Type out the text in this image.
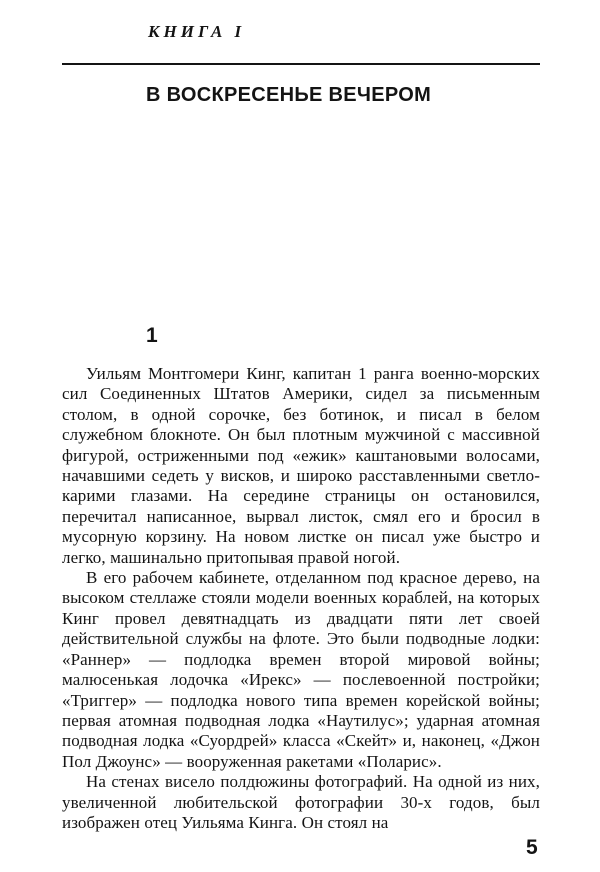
КНИГА I
В ВОСКРЕСЕНЬЕ ВЕЧЕРОМ
1

Уильям Монтгомери Кинг, капитан 1 ранга военно-морских сил Соединенных Штатов Америки, сидел за письменным столом, в одной сорочке, без ботинок, и писал в белом служебном блокноте. Он был плотным мужчиной с массивной фигурой, остриженными под «ежик» каштановыми волосами, начавшими седеть у висков, и широко расставленными светло-карими глазами. На середине страницы он остановился, перечитал написанное, вырвал листок, смял его и бросил в мусорную корзину. На новом листке он писал уже быстро и легко, машинально притопывая правой ногой.

В его рабочем кабинете, отделанном под красное дерево, на высоком стеллаже стояли модели военных кораблей, на которых Кинг провел девятнадцать из двадцати пяти лет своей действительной службы на флоте. Это были подводные лодки: «Раннер» — подлодка времен второй мировой войны; малюсенькая лодочка «Ирекс» — послевоенной постройки; «Триггер» — подлодка нового типа времен корейской войны; первая атомная подводная лодка «Наутилус»; ударная атомная подводная лодка «Суордрей» класса «Скейт» и, наконец, «Джон Пол Джоунс» — вооруженная ракетами «Поларис».

На стенах висело полдюжины фотографий. На одной из них, увеличенной любительской фотографии 30-х годов, был изображен отец Уильяма Кинга. Он стоял на

5
